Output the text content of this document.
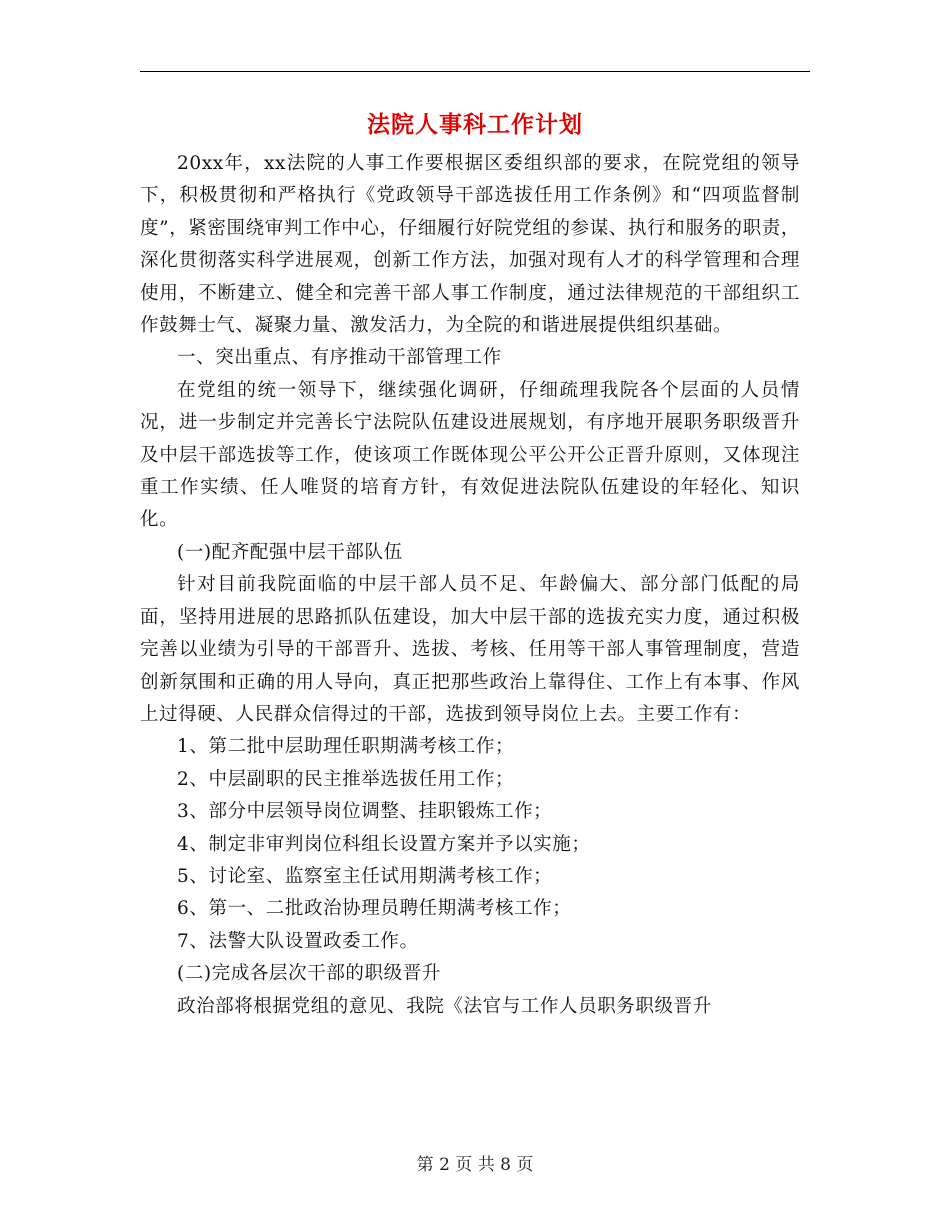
法院人事科工作计划

20xx年，xx法院的人事工作要根据区委组织部的要求，在院党组的领导下，积极贯彻和严格执行《党政领导干部选拔任用工作条例》和“四项监督制度”，紧密围绕审判工作中心，仔细履行好院党组的参谋、执行和服务的职责，深化贯彻落实科学进展观，创新工作方法，加强对现有人才的科学管理和合理使用，不断建立、健全和完善干部人事工作制度，通过法律规范的干部组织工作鼓舞士气、凝聚力量、激发活力，为全院的和谐进展提供组织基础。

一、突出重点、有序推动干部管理工作

在党组的统一领导下，继续强化调研，仔细疏理我院各个层面的人员情况，进一步制定并完善长宁法院队伍建设进展规划，有序地开展职务职级晋升及中层干部选拔等工作，使该项工作既体现公平公开公正晋升原则，又体现注重工作实绩、任人唯贤的培育方针，有效促进法院队伍建设的年轻化、知识化。

(一)配齐配强中层干部队伍

针对目前我院面临的中层干部人员不足、年龄偏大、部分部门低配的局面，坚持用进展的思路抓队伍建设，加大中层干部的选拔充实力度，通过积极完善以业绩为引导的干部晋升、选拔、考核、任用等干部人事管理制度，营造创新氛围和正确的用人导向，真正把那些政治上靠得住、工作上有本事、作风上过得硬、人民群众信得过的干部，选拔到领导岗位上去。主要工作有：

1、第二批中层助理任职期满考核工作；

2、中层副职的民主推举选拔任用工作；

3、部分中层领导岗位调整、挂职锻炼工作；

4、制定非审判岗位科组长设置方案并予以实施；

5、讨论室、监察室主任试用期满考核工作；

6、第一、二批政治协理员聘任期满考核工作；

7、法警大队设置政委工作。

(二)完成各层次干部的职级晋升

政治部将根据党组的意见、我院《法官与工作人员职务职级晋升

第 2 页 共 8 页
